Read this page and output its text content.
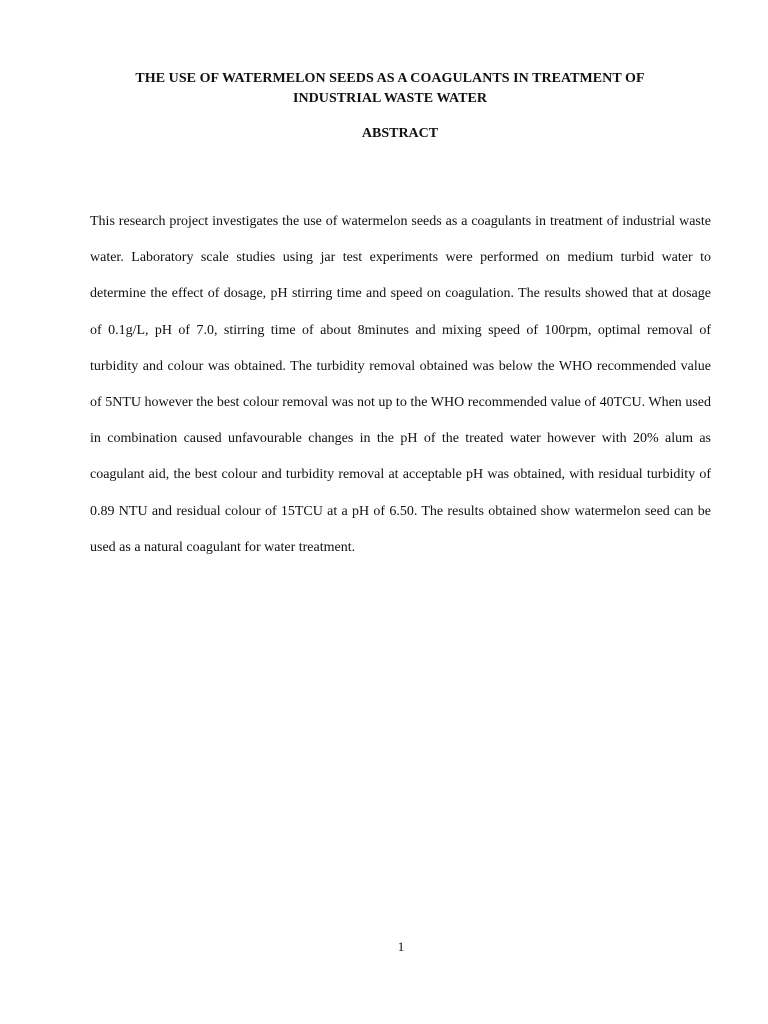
THE USE OF WATERMELON SEEDS AS A COAGULANTS IN TREATMENT OF INDUSTRIAL WASTE WATER
ABSTRACT

This research project investigates the use of watermelon seeds as a coagulants in treatment of industrial waste water. Laboratory scale studies using jar test experiments were performed on medium turbid water to determine the effect of dosage, pH stirring time and speed on coagulation. The results showed that at dosage of 0.1g/L, pH of 7.0, stirring time of about 8minutes and mixing speed of 100rpm, optimal removal of turbidity and colour was obtained. The turbidity removal obtained was below the WHO recommended value of 5NTU however the best colour removal was not up to the WHO recommended value of 40TCU. When used in combination caused unfavourable changes in the pH of the treated water however with 20% alum as coagulant aid, the best colour and turbidity removal at acceptable pH was obtained, with residual turbidity of 0.89 NTU and residual colour of 15TCU at a pH of 6.50. The results obtained show watermelon seed can be used as a natural coagulant for water treatment.

1
